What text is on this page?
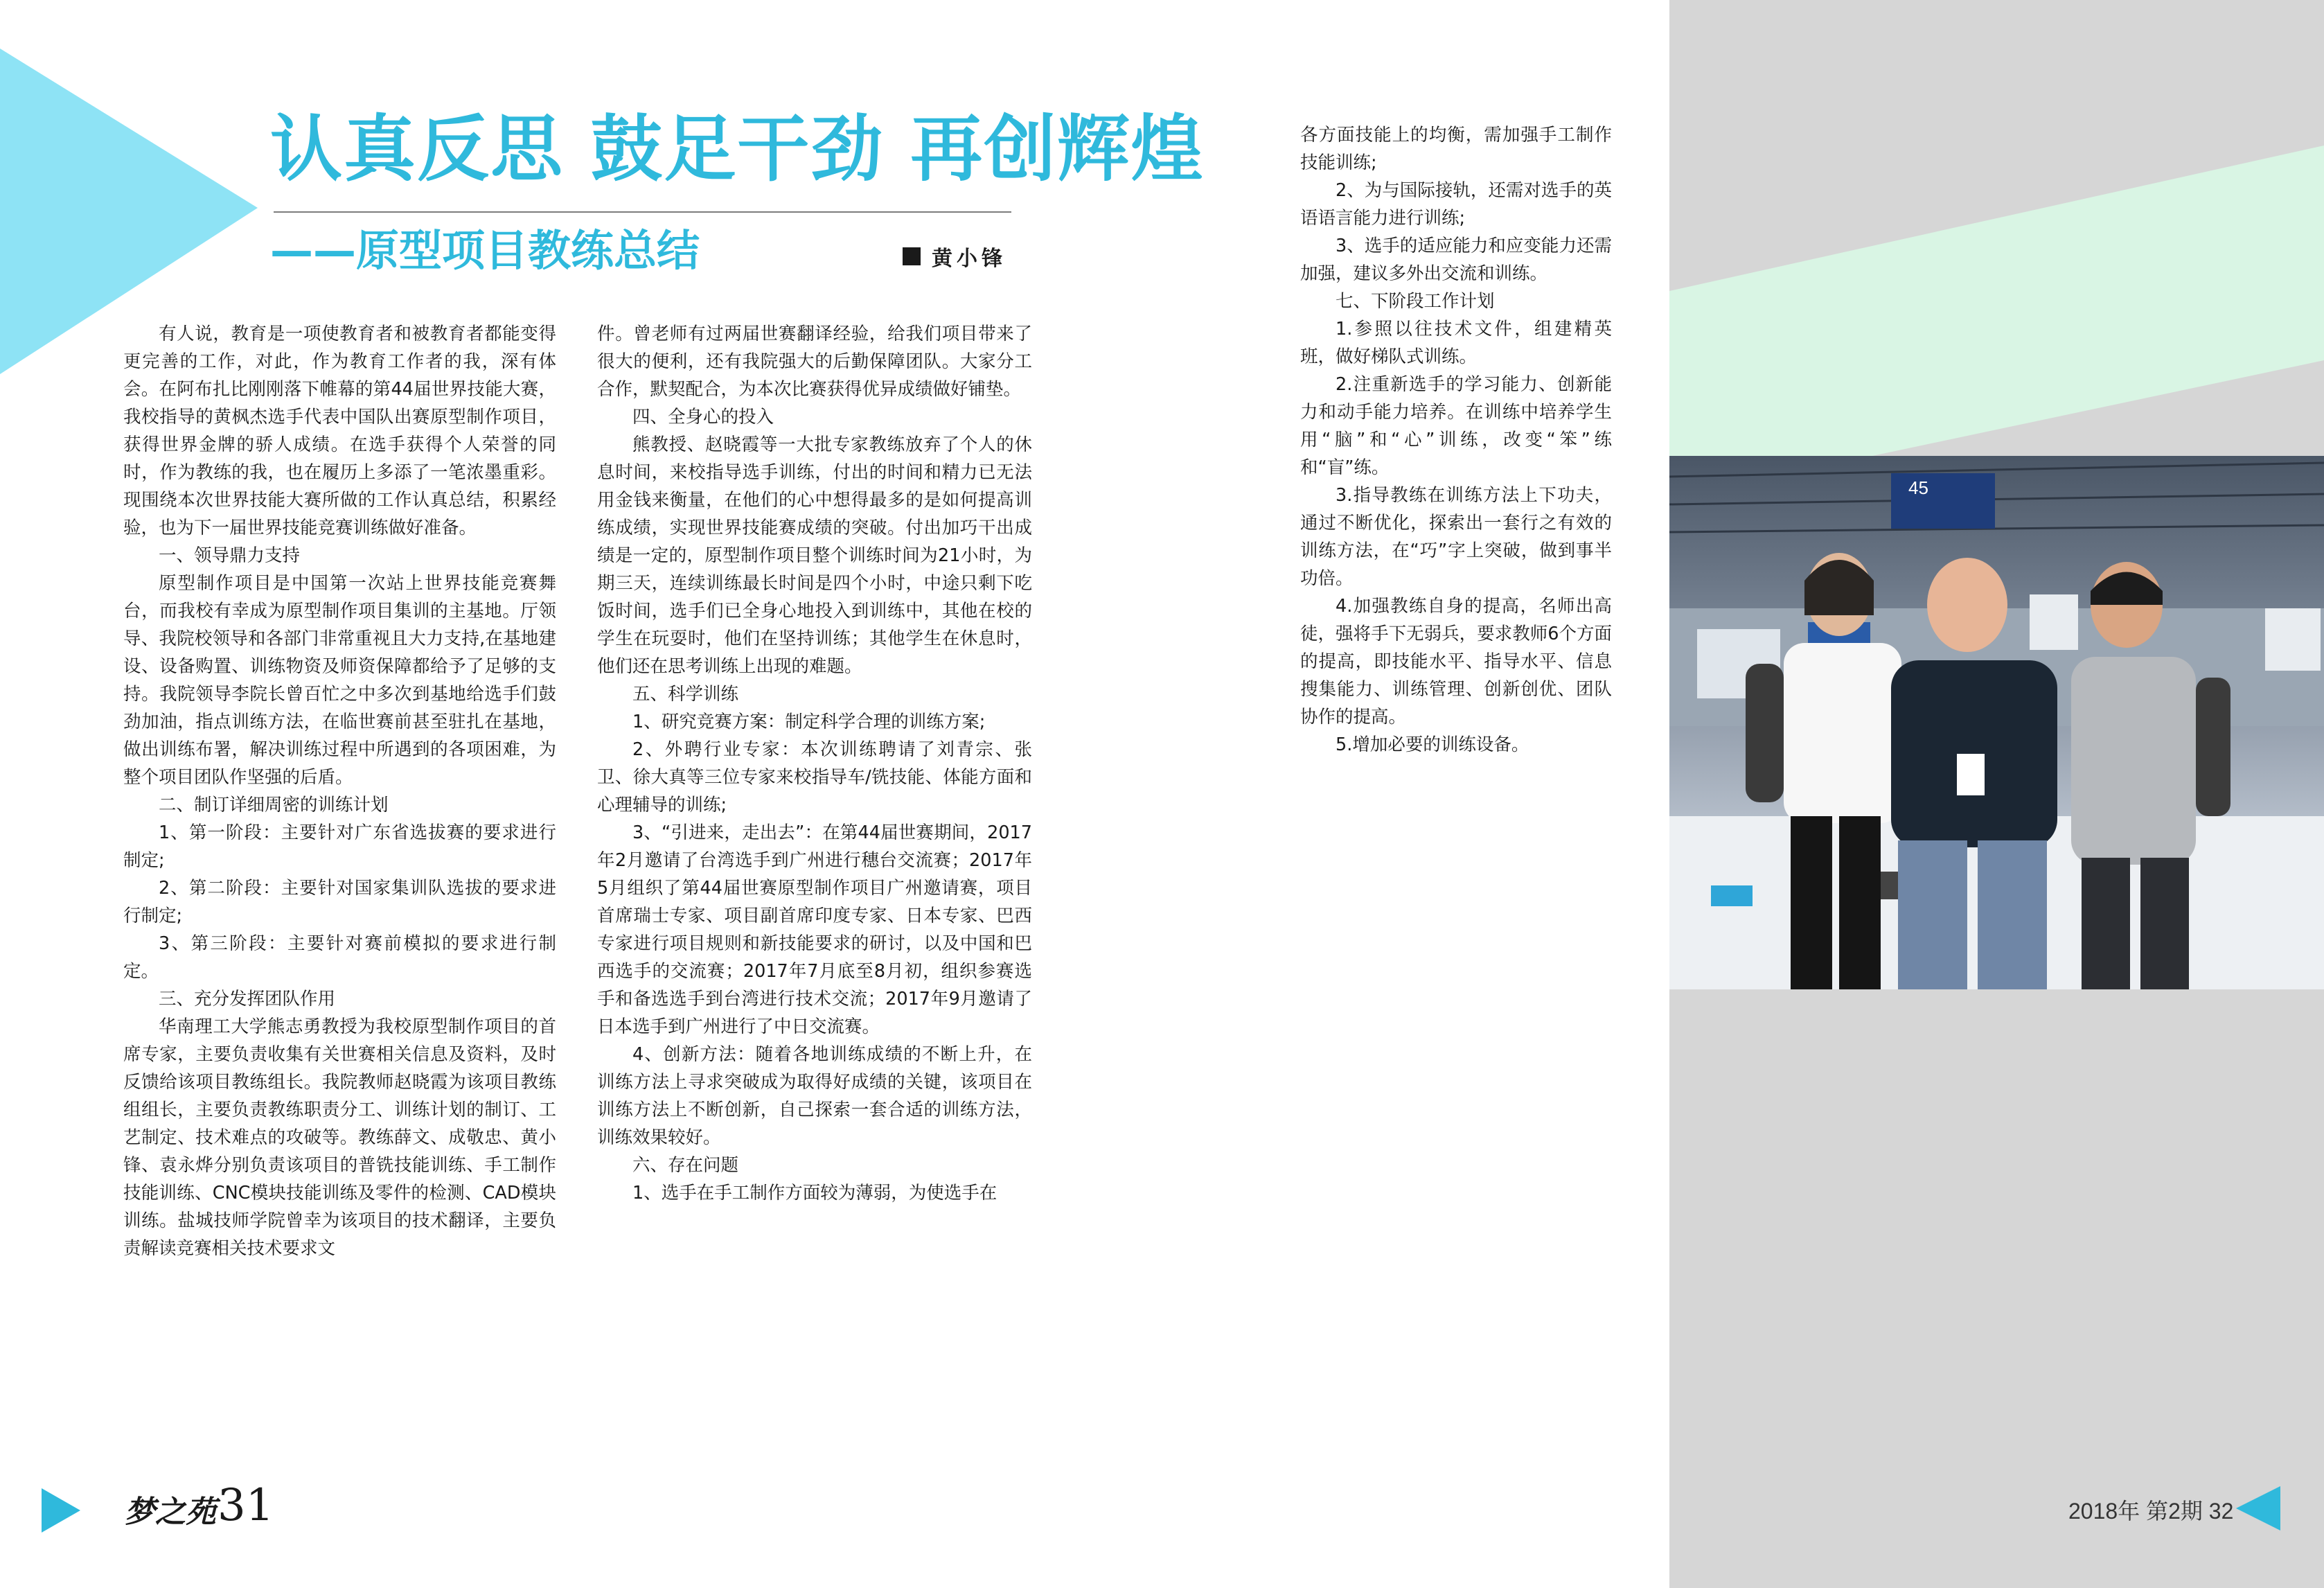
45
认真反思 鼓足干劲 再创辉煌
——原型项目教练总结	黄小锋

有人说，教育是一项使教育者和被教育者都能变得更完善的工作，对此，作为教育工作者的我，深有体会。在阿布扎比刚刚落下帷幕的第44届世界技能大赛，我校指导的黄枫杰选手代表中国队出赛原型制作项目，获得世界金牌的骄人成绩。在选手获得个人荣誉的同时，作为教练的我，也在履历上多添了一笔浓墨重彩。现围绕本次世界技能大赛所做的工作认真总结，积累经验，也为下一届世界技能竞赛训练做好准备。

一、领导鼎力支持

原型制作项目是中国第一次站上世界技能竞赛舞台，而我校有幸成为原型制作项目集训的主基地。厅领导、我院校领导和各部门非常重视且大力支持,在基地建设、设备购置、训练物资及师资保障都给予了足够的支持。我院领导李院长曾百忙之中多次到基地给选手们鼓劲加油，指点训练方法，在临世赛前甚至驻扎在基地，做出训练布署，解决训练过程中所遇到的各项困难，为整个项目团队作坚强的后盾。

二、制订详细周密的训练计划

1、第一阶段：主要针对广东省选拔赛的要求进行制定;

2、第二阶段：主要针对国家集训队选拔的要求进行制定;

3、第三阶段：主要针对赛前模拟的要求进行制定。

三、充分发挥团队作用

华南理工大学熊志勇教授为我校原型制作项目的首席专家，主要负责收集有关世赛相关信息及资料，及时反馈给该项目教练组长。我院教师赵晓霞为该项目教练组组长，主要负责教练职责分工、训练计划的制订、工艺制定、技术难点的攻破等。教练薛文、成敬忠、黄小锋、袁永烨分别负责该项目的普铣技能训练、手工制作技能训练、CNC模块技能训练及零件的检测、CAD模块训练。盐城技师学院曾幸为该项目的技术翻译，主要负责解读竞赛相关技术要求文

件。曾老师有过两届世赛翻译经验，给我们项目带来了很大的便利，还有我院强大的后勤保障团队。大家分工合作，默契配合，为本次比赛获得优异成绩做好铺垫。

四、全身心的投入

熊教授、赵晓霞等一大批专家教练放弃了个人的休息时间，来校指导选手训练，付出的时间和精力已无法用金钱来衡量，在他们的心中想得最多的是如何提高训练成绩，实现世界技能赛成绩的突破。付出加巧干出成绩是一定的，原型制作项目整个训练时间为21小时，为期三天，连续训练最长时间是四个小时，中途只剩下吃饭时间，选手们已全身心地投入到训练中，其他在校的学生在玩耍时，他们在坚持训练；其他学生在休息时，他们还在思考训练上出现的难题。

五、科学训练

1、研究竞赛方案：制定科学合理的训练方案;

2、外聘行业专家：本次训练聘请了刘青宗、张卫、徐大真等三位专家来校指导车/铣技能、体能方面和心理辅导的训练;

3、“引进来，走出去”：在第44届世赛期间，2017年2月邀请了台湾选手到广州进行穗台交流赛；2017年5月组织了第44届世赛原型制作项目广州邀请赛，项目首席瑞士专家、项目副首席印度专家、日本专家、巴西专家进行项目规则和新技能要求的研讨，以及中国和巴西选手的交流赛；2017年7月底至8月初，组织参赛选手和备选选手到台湾进行技术交流；2017年9月邀请了日本选手到广州进行了中日交流赛。

4、创新方法：随着各地训练成绩的不断上升，在训练方法上寻求突破成为取得好成绩的关键，该项目在训练方法上不断创新，自己探索一套合适的训练方法，训练效果较好。

六、存在问题

1、选手在手工制作方面较为薄弱，为使选手在

各方面技能上的均衡，需加强手工制作技能训练;

2、为与国际接轨，还需对选手的英语语言能力进行训练;

3、选手的适应能力和应变能力还需加强，建议多外出交流和训练。

七、下阶段工作计划

1.参照以往技术文件，组建精英班，做好梯队式训练。

2.注重新选手的学习能力、创新能力和动手能力培养。在训练中培养学生用“脑”和“心”训练，改变“笨”练和“盲”练。

3.指导教练在训练方法上下功夫，通过不断优化，探索出一套行之有效的训练方法，在“巧”字上突破，做到事半功倍。

4.加强教练自身的提高，名师出高徒，强将手下无弱兵，要求教师6个方面的提高，即技能水平、指导水平、信息搜集能力、训练管理、创新创优、团队协作的提高。

5.增加必要的训练设备。

梦之苑 31	2018年 第2期 32
